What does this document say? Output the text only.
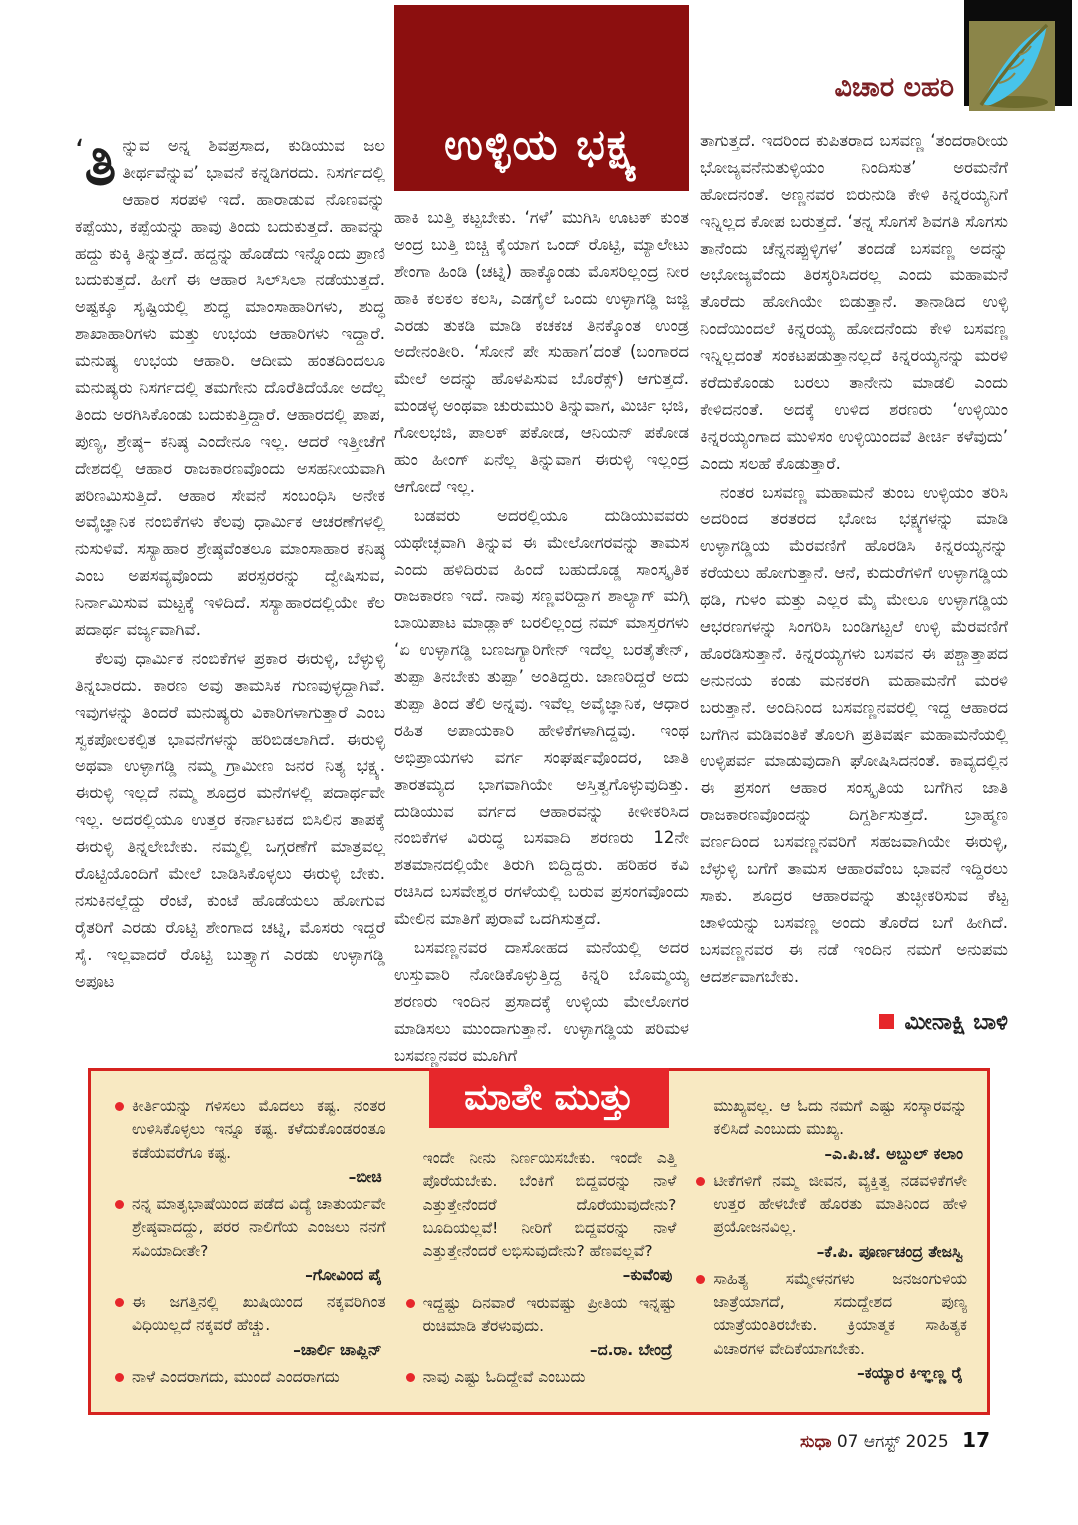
ವಿಚಾರ ಲಹರಿ

‘ತಿ ನ್ನುವ ಅನ್ನ ಶಿವಪ್ರಸಾದ, ಕುಡಿಯುವ ಜಲ ತೀರ್ಥವೆನ್ನುವ’ ಭಾವನೆ ಕನ್ನಡಿಗರದು. ನಿಸರ್ಗದಲ್ಲಿ ಆಹಾರ ಸರಪಳಿ ಇದೆ. ಹಾರಾಡುವ ನೊಣವನ್ನು ಕಪ್ಪೆಯು, ಕಪ್ಪೆಯನ್ನು ಹಾವು ತಿಂದು ಬದುಕುತ್ತದೆ. ಹಾವನ್ನು ಹದ್ದು ಕುಕ್ಕಿ ತಿನ್ನುತ್ತದೆ. ಹದ್ದನ್ನು ಹೊಡೆದು ಇನ್ನೊಂದು ಪ್ರಾಣಿ ಬದುಕುತ್ತದೆ. ಹೀಗೆ ಈ ಆಹಾರ ಸಿಲ್‌ಸಿಲಾ ನಡೆಯುತ್ತದೆ. ಅಷ್ಟಕ್ಕೂ ಸೃಷ್ಟಿಯಲ್ಲಿ ಶುದ್ಧ ಮಾಂಸಾಹಾರಿಗಳು, ಶುದ್ಧ ಶಾಖಾಹಾರಿಗಳು ಮತ್ತು ಉಭಯ ಆಹಾರಿಗಳು ಇದ್ದಾರೆ. ಮನುಷ್ಯ ಉಭಯ ಆಹಾರಿ. ಆದೀಮ ಹಂತದಿಂದಲೂ ಮನುಷ್ಯರು ನಿಸರ್ಗದಲ್ಲಿ ತಮಗೇನು ದೊರೆತಿದೆಯೋ ಅದೆಲ್ಲ ತಿಂದು ಅರಗಿಸಿಕೊಂಡು ಬದುಕುತ್ತಿದ್ದಾರೆ. ಆಹಾರದಲ್ಲಿ ಪಾಪ, ಪುಣ್ಯ, ಶ್ರೇಷ್ಠ– ಕನಿಷ್ಠ ಎಂದೇನೂ ಇಲ್ಲ. ಆದರೆ ಇತ್ತೀಚೆಗೆ ದೇಶದಲ್ಲಿ ಆಹಾರ ರಾಜಕಾರಣವೊಂದು ಅಸಹನೀಯವಾಗಿ ಪರಿಣಮಿಸುತ್ತಿದೆ. ಆಹಾರ ಸೇವನೆ ಸಂಬಂಧಿಸಿ ಅನೇಕ ಅವೈಜ್ಞಾನಿಕ ನಂಬಿಕೆಗಳು ಕೆಲವು ಧಾರ್ಮಿಕ ಆಚರಣೆಗಳಲ್ಲಿ ನುಸುಳಿವೆ. ಸಸ್ಯಾಹಾರ ಶ್ರೇಷ್ಠವೆಂತಲೂ ಮಾಂಸಾಹಾರ ಕನಿಷ್ಠ ಎಂಬ ಅಪಸವ್ಯವೊಂದು ಪರಸ್ಪರರನ್ನು ದ್ವೇಷಿಸುವ, ನಿರ್ನಾಮಿಸುವ ಮಟ್ಟಕ್ಕೆ ಇಳಿದಿದೆ. ಸಸ್ಯಾಹಾರದಲ್ಲಿಯೇ ಕೆಲ ಪದಾರ್ಥ ವರ್ಜ್ಯವಾಗಿವೆ.

ಕೆಲವು ಧಾರ್ಮಿಕ ನಂಬಿಕೆಗಳ ಪ್ರಕಾರ ಈರುಳ್ಳಿ, ಬೆಳ್ಳುಳ್ಳಿ ತಿನ್ನಬಾರದು. ಕಾರಣ ಅವು ತಾಮಸಿಕ ಗುಣವುಳ್ಳದ್ದಾಗಿವೆ. ಇವುಗಳನ್ನು ತಿಂದರೆ ಮನುಷ್ಯರು ವಿಕಾರಿಗಳಾಗುತ್ತಾರೆ ಎಂಬ ಸ್ವಕಪೋಲಕಲ್ಪಿತ ಭಾವನೆಗಳನ್ನು ಹರಿಬಿಡಲಾಗಿದೆ. ಈರುಳ್ಳಿ ಅಥವಾ ಉಳ್ಳಾಗಡ್ಡಿ ನಮ್ಮ ಗ್ರಾಮೀಣ ಜನರ ನಿತ್ಯ ಭಕ್ಷ್ಯ. ಈರುಳ್ಳಿ ಇಲ್ಲದೆ ನಮ್ಮ ಶೂದ್ರರ ಮನೆಗಳಲ್ಲಿ ಪದಾರ್ಥವೇ ಇಲ್ಲ. ಅದರಲ್ಲಿಯೂ ಉತ್ತರ ಕರ್ನಾಟಕದ ಬಿಸಿಲಿನ ತಾಪಕ್ಕೆ ಈರುಳ್ಳಿ ತಿನ್ನಲೇಬೇಕು. ನಮ್ಮಲ್ಲಿ ಒಗ್ಗರಣೆಗೆ ಮಾತ್ರವಲ್ಲ ರೊಟ್ಟಿಯೊಂದಿಗೆ ಮೇಲೆ ಬಾಡಿಸಿಕೊಳ್ಳಲು ಈರುಳ್ಳಿ ಬೇಕು. ನಸುಕಿನಲ್ಲೆದ್ದು ರೆಂಟೆ, ಕುಂಟೆ ಹೊಡೆಯಲು ಹೋಗುವ ರೈತರಿಗೆ ಎರಡು ರೊಟ್ಟಿ ಶೇಂಗಾದ ಚಟ್ನಿ, ಮೊಸರು ಇದ್ದರೆ ಸೈ. ಇಲ್ಲವಾದರೆ ರೊಟ್ಟಿ ಬುತ್ತ್ಯಾಗ ಎರಡು ಉಳ್ಳಾಗಡ್ಡಿ ಅಪೂಟ

ಉಳ್ಳಿಯ ಭಕ್ಷ್ಯ

ಹಾಕಿ ಬುತ್ತಿ ಕಟ್ಟಬೇಕು. ‘ಗಳೆ’ ಮುಗಿಸಿ ಊಟಕ್ ಕುಂತ ಅಂದ್ರ ಬುತ್ತಿ ಬಿಚ್ಚಿ ಕೈಯಾಗ ಒಂದ್ ರೊಟ್ಟಿ, ಮ್ಯಾಲೇಟು ಶೇಂಗಾ ಹಿಂಡಿ (ಚಟ್ನಿ) ಹಾಕ್ಕೊಂಡು ಮೊಸರಿಲ್ಲಂದ್ರ ನೀರ ಹಾಕಿ ಕಲಕಲ ಕಲಸಿ, ಎಡಗೈಲೆ ಒಂದು ಉಳ್ಳಾಗಡ್ಡಿ ಜಜ್ಜಿ ಎರಡು ತುಕಡಿ ಮಾಡಿ ಕಚಕಚ ತಿನಕ್ಕೊಂತ ಉಂಡ್ರ ಅದೇನಂತೀರಿ. ‘ಸೋನೆ ಪೇ ಸುಹಾಗ’ದಂತೆ (ಬಂಗಾರದ ಮೇಲೆ ಅದನ್ನು ಹೊಳಪಿಸುವ ಬೊರೆಕ್ಸ್) ಆಗುತ್ತದೆ. ಮಂಡಳ್ಳ ಅಂಥವಾ ಚುರುಮುರಿ ತಿನ್ನುವಾಗ, ಮಿರ್ಚಿ ಭಜಿ, ಗೋಲಭಜಿ, ಪಾಲಕ್ ಪಕೋಡ, ಆನಿಯನ್ ಪಕೋಡ ಹುಂ ಹೀಂಗ್ ಏನೆಲ್ಲ ತಿನ್ನುವಾಗ ಈರುಳ್ಳಿ ಇಲ್ಲಂದ್ರ ಆಗೋದೆ ಇಲ್ಲ.

ಬಡವರು ಅದರಲ್ಲಿಯೂ ದುಡಿಯುವವರು ಯಥೇಚ್ಛವಾಗಿ ತಿನ್ನುವ ಈ ಮೇಲೋಗರವನ್ನು ತಾಮಸ ಎಂದು ಹಳಿದಿರುವ ಹಿಂದೆ ಬಹುದೊಡ್ಡ ಸಾಂಸ್ಕೃತಿಕ ರಾಜಕಾರಣ ಇದೆ. ನಾವು ಸಣ್ಣವರಿದ್ದಾಗ ಶಾಲ್ಯಾಗ್ ಮಗ್ಗಿ ಬಾಯಿಪಾಟ ಮಾಡ್ಲಾಕ್ ಬರಲಿಲ್ಲಂದ್ರ ನಮ್ ಮಾಸ್ತರಗಳು ‘ಏ ಉಳ್ಳಾಗಡ್ಡಿ ಬಣಜಗ್ಯಾರಿಗೇನ್ ಇದೆಲ್ಲ ಬರತೈತೇನ್, ತುಪ್ಪಾ ತಿನಬೇಕು ತುಪ್ಪಾ’ ಅಂತಿದ್ದರು. ಜಾಣರಿದ್ದರೆ ಅದು ತುಪ್ಪಾ ತಿಂದ ತೆಲಿ ಅನ್ನವು. ಇವೆಲ್ಲ ಅವೈಜ್ಞಾನಿಕ, ಆಧಾರ ರಹಿತ ಅಪಾಯಕಾರಿ ಹೇಳಿಕೆಗಳಾಗಿದ್ದವು. ಇಂಥ ಅಭಿಪ್ರಾಯಗಳು ವರ್ಗ ಸಂಘರ್ಷವೊಂದರ, ಜಾತಿ ತಾರತಮ್ಯದ ಭಾಗವಾಗಿಯೇ ಅಸ್ತಿತ್ವಗೊಳ್ಳುವುದಿತ್ತು. ದುಡಿಯುವ ವರ್ಗದ ಆಹಾರವನ್ನು ಕೀಳೀಕರಿಸಿದ ನಂಬಿಕೆಗಳ ವಿರುದ್ಧ ಬಸವಾದಿ ಶರಣರು 12ನೇ ಶತಮಾನದಲ್ಲಿಯೇ ತಿರುಗಿ ಬಿದ್ದಿದ್ದರು. ಹರಿಹರ ಕವಿ ರಚಿಸಿದ ಬಸವೇಶ್ವರ ರಗಳೆಯಲ್ಲಿ ಬರುವ ಪ್ರಸಂಗವೊಂದು ಮೇಲಿನ ಮಾತಿಗೆ ಪುರಾವೆ ಒದಗಿಸುತ್ತದೆ.

ಬಸವಣ್ಣನವರ ದಾಸೋಹದ ಮನೆಯಲ್ಲಿ ಅದರ ಉಸ್ತುವಾರಿ ನೋಡಿಕೊಳ್ಳುತ್ತಿದ್ದ ಕಿನ್ನರಿ ಬೊಮ್ಮಯ್ಯ ಶರಣರು ಇಂದಿನ ಪ್ರಸಾದಕ್ಕೆ ಉಳ್ಳಿಯ ಮೇಲೋಗರ ಮಾಡಿಸಲು ಮುಂದಾಗುತ್ತಾನೆ. ಉಳ್ಳಾಗಡ್ಡಿಯ ಪರಿಮಳ ಬಸವಣ್ಣನವರ ಮೂಗಿಗೆ

ತಾಗುತ್ತದೆ. ಇದರಿಂದ ಕುಪಿತರಾದ ಬಸವಣ್ಣ ‘ತಂದರಾರೀಯ ಭೋಜ್ಯವನೆನುತುಳ್ಳಿಯಂ ನಿಂದಿಸುತ’ ಅರಮನೆಗೆ ಹೋದನಂತೆ. ಅಣ್ಣನವರ ಬಿರುನುಡಿ ಕೇಳಿ ಕಿನ್ನರಯ್ಯನಿಗೆ ಇನ್ನಿಲ್ಲದ ಕೋಪ ಬರುತ್ತದೆ. ‘ತನ್ನ ಸೊಗಸೆ ಶಿವಗತಿ ಸೊಗಸು ತಾನೆಂದು ಚೆನ್ನನಪ್ಪುಳ್ಳಿಗಳ’ ತಂದಡೆ ಬಸವಣ್ಣ ಅದನ್ನು ಅಭೋಜ್ಯವೆಂದು ತಿರಸ್ಕರಿಸಿದರಲ್ಲ ಎಂದು ಮಹಾಮನೆ ತೊರೆದು ಹೋಗಿಯೇ ಬಿಡುತ್ತಾನೆ. ತಾನಾಡಿದ ಉಳ್ಳಿ ನಿಂದೆಯಿಂದಲೆ ಕಿನ್ನರಯ್ಯ ಹೋದನೆಂದು ಕೇಳಿ ಬಸವಣ್ಣ ಇನ್ನಿಲ್ಲದಂತೆ ಸಂಕಟಪಡುತ್ತಾನಲ್ಲದೆ ಕಿನ್ನರಯ್ಯನನ್ನು ಮರಳಿ ಕರೆದುಕೊಂಡು ಬರಲು ತಾನೇನು ಮಾಡಲಿ ಎಂದು ಕೇಳಿದನಂತೆ. ಅದಕ್ಕೆ ಉಳಿದ ಶರಣರು ‘ಉಳ್ಳಿಯಿಂ ಕಿನ್ನರಯ್ಯಂಗಾದ ಮುಳಿಸಂ ಉಳ್ಳಿಯಿಂದವೆ ತೀರ್ಚಿ ಕಳೆವುದು’ ಎಂದು ಸಲಹೆ ಕೊಡುತ್ತಾರೆ.

ನಂತರ ಬಸವಣ್ಣ ಮಹಾಮನೆ ತುಂಬ ಉಳ್ಳಿಯಂ ತರಿಸಿ ಅದರಿಂದ ತರತರದ ಭೋಜ ಭಕ್ಷ್ಯಗಳನ್ನು ಮಾಡಿ ಉಳ್ಳಾಗಡ್ಡಿಯ ಮೆರವಣಿಗೆ ಹೊರಡಿಸಿ ಕಿನ್ನರಯ್ಯನನ್ನು ಕರೆಯಲು ಹೋಗುತ್ತಾನೆ. ಆನೆ, ಕುದುರೆಗಳಿಗೆ ಉಳ್ಳಾಗಡ್ಡಿಯ ಥಡಿ, ಗುಳಂ ಮತ್ತು ಎಲ್ಲರ ಮೈ ಮೇಲೂ ಉಳ್ಳಾಗಡ್ಡಿಯ ಆಭರಣಗಳನ್ನು ಸಿಂಗರಿಸಿ ಬಂಡಿಗಟ್ಟಲೆ ಉಳ್ಳಿ ಮೆರವಣಿಗೆ ಹೊರಡಿಸುತ್ತಾನೆ. ಕಿನ್ನರಯ್ಯಗಳು ಬಸವನ ಈ ಪಶ್ಚಾತ್ತಾಪದ ಅನುನಯ ಕಂಡು ಮನಕರಗಿ ಮಹಾಮನೆಗೆ ಮರಳಿ ಬರುತ್ತಾನೆ. ಅಂದಿನಿಂದ ಬಸವಣ್ಣನವರಲ್ಲಿ ಇದ್ದ ಆಹಾರದ ಬಗೆಗಿನ ಮಡಿವಂತಿಕೆ ತೊಲಗಿ ಪ್ರತಿವರ್ಷ ಮಹಾಮನೆಯಲ್ಲಿ ಉಳ್ಳಿಪರ್ವ ಮಾಡುವುದಾಗಿ ಘೋಷಿಸಿದನಂತೆ. ಕಾವ್ಯದಲ್ಲಿನ ಈ ಪ್ರಸಂಗ ಆಹಾರ ಸಂಸ್ಕೃತಿಯ ಬಗೆಗಿನ ಜಾತಿ ರಾಜಕಾರಣವೊಂದನ್ನು ದಿಗ್ದರ್ಶಿಸುತ್ತದೆ. ಬ್ರಾಹ್ಮಣ ವರ್ಣದಿಂದ ಬಸವಣ್ಣನವರಿಗೆ ಸಹಜವಾಗಿಯೇ ಈರುಳ್ಳಿ, ಬೆಳ್ಳುಳ್ಳಿ ಬಗೆಗೆ ತಾಮಸ ಆಹಾರವೆಂಬ ಭಾವನೆ ಇದ್ದಿರಲು ಸಾಕು. ಶೂದ್ರರ ಆಹಾರವನ್ನು ತುಚ್ಛೀಕರಿಸುವ ಕೆಟ್ಟ ಚಾಳಿಯನ್ನು ಬಸವಣ್ಣ ಅಂದು ತೊರೆದ ಬಗೆ ಹೀಗಿದೆ. ಬಸವಣ್ಣನವರ ಈ ನಡೆ ಇಂದಿನ ನಮಗೆ ಅನುಪಮ ಆದರ್ಶವಾಗಬೇಕು.

ಮೀನಾಕ್ಷಿ ಬಾಳಿ
ಮಾತೇ ಮುತ್ತು
ಕೀರ್ತಿಯನ್ನು ಗಳಿಸಲು ಮೊದಲು ಕಷ್ಟ. ನಂತರ ಉಳಿಸಿಕೊಳ್ಳಲು ಇನ್ನೂ ಕಷ್ಟ. ಕಳೆದುಕೊಂಡರಂತೂ ಕಡೆಯವರೆಗೂ ಕಷ್ಟ.
–ಬೀಚಿ
ನನ್ನ ಮಾತೃಭಾಷೆಯಿಂದ ಪಡೆದ ವಿದ್ಯೆ ಚಾತುರ್ಯವೇ ಶ್ರೇಷ್ಠವಾದದ್ದು, ಪರರ ನಾಲಿಗೆಯ ಎಂಜಲು ನನಗೆ ಸವಿಯಾದೀತೇ?
–ಗೋವಿಂದ ಪೈ
ಈ ಜಗತ್ತಿನಲ್ಲಿ ಖುಷಿಯಿಂದ ನಕ್ಕವರಿಗಿಂತ ವಿಧಿಯಿಲ್ಲದೆ ನಕ್ಕವರೆ ಹೆಚ್ಚು.
–ಚಾರ್ಲಿ ಚಾಪ್ಲಿನ್
ನಾಳೆ ಎಂದರಾಗದು, ಮುಂದೆ ಎಂದರಾಗದು
ಇಂದೇ ನೀನು ನಿರ್ಣಯಿಸಬೇಕು. ಇಂದೇ ಎತ್ತಿ ಪೊರೆಯಬೇಕು. ಬೆಂಕಿಗೆ ಬಿದ್ದವರನ್ನು ನಾಳೆ ಎತ್ತುತ್ತೇನೆಂದರೆ ದೊರೆಯುವುದೇನು? ಬೂದಿಯಲ್ಲವೆ! ನೀರಿಗೆ ಬಿದ್ದವರನ್ನು ನಾಳೆ ಎತ್ತುತ್ತೇನೆಂದರೆ ಲಭಿಸುವುದೇನು? ಹೆಣವಲ್ಲವೆ?
–ಕುವೆಂಪು
ಇದ್ದಷ್ಟು ದಿನವಾರೆ ಇರುವಷ್ಟು ಪ್ರೀತಿಯ ಇನ್ನಷ್ಟು ರುಚಿಮಾಡಿ ತೆರಳುವುದು.
–ದ.ರಾ. ಬೇಂದ್ರೆ
ನಾವು ಎಷ್ಟು ಓದಿದ್ದೇವೆ ಎಂಬುದು
ಮುಖ್ಯವಲ್ಲ. ಆ ಓದು ನಮಗೆ ಎಷ್ಟು ಸಂಸ್ಕಾರವನ್ನು ಕಲಿಸಿದೆ ಎಂಬುದು ಮುಖ್ಯ.
–ಎ.ಪಿ.ಜೆ. ಅಬ್ದುಲ್ ಕಲಾಂ
ಟೀಕೆಗಳಿಗೆ ನಮ್ಮ ಜೀವನ, ವ್ಯಕ್ತಿತ್ವ ನಡವಳಿಕೆಗಳೇ ಉತ್ತರ ಹೇಳಬೇಕೆ ಹೊರತು ಮಾತಿನಿಂದ ಹೇಳಿ ಪ್ರಯೋಜನವಿಲ್ಲ.
–ಕೆ.ಪಿ. ಪೂರ್ಣಚಂದ್ರ ತೇಜಸ್ವಿ
ಸಾಹಿತ್ಯ ಸಮ್ಮೇಳನಗಳು ಜನಜಂಗುಳಿಯ ಜಾತ್ರೆಯಾಗದೆ, ಸದುದ್ದೇಶದ ಪುಣ್ಯ ಯಾತ್ರೆಯಂತಿರಬೇಕು. ಕ್ರಿಯಾತ್ಮಕ ಸಾಹಿತ್ಯಕ ವಿಚಾರಗಳ ವೇದಿಕೆಯಾಗಬೇಕು.
–ಕಯ್ಯಾರ ಕಿಞ್ಞಣ್ಣ ರೈ
ಸುಧಾ 07 ಆಗಸ್ಟ್ 2025 17
